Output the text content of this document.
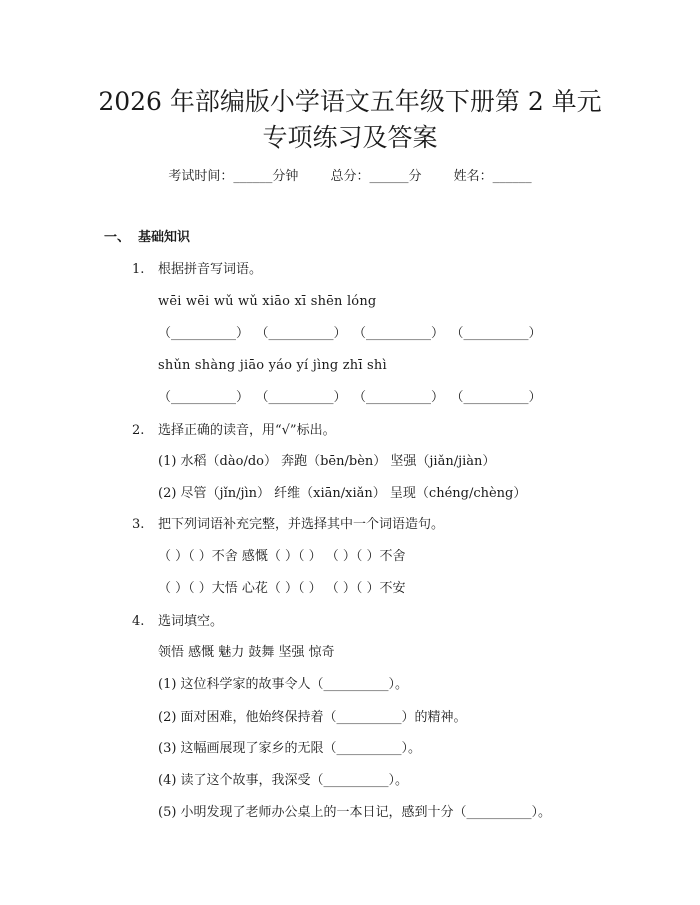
2026 年部编版小学语文五年级下册第 2 单元
专项练习及答案
考试时间：______分钟 总分：______分 姓名：______
一、 基础知识
1. 根据拼音写词语。
wēi wēi wǔ wǔ xiāo xī shēn lóng
（__________） （__________） （__________） （__________）
shǔn shàng jiāo yáo yí jìng zhī shì
（__________） （__________） （__________） （__________）
2. 选择正确的读音，用“√”标出。
(1) 水稻（dào/do） 奔跑（bēn/bèn） 坚强（jiǎn/jiàn）
(2) 尽管（jǐn/jìn） 纤维（xiān/xiǎn） 呈现（chéng/chèng）
3. 把下列词语补充完整，并选择其中一个词语造句。
（ ）（ ）不舍 感慨（ ）（ ） （ ）（ ）不舍
（ ）（ ）大悟 心花（ ）（ ） （ ）（ ）不安
4. 选词填空。
领悟 感慨 魅力 鼓舞 坚强 惊奇
(1) 这位科学家的故事令人（__________）。
(2) 面对困难，他始终保持着（__________）的精神。
(3) 这幅画展现了家乡的无限（__________）。
(4) 读了这个故事，我深受（__________）。
(5) 小明发现了老师办公桌上的一本日记，感到十分（__________）。
